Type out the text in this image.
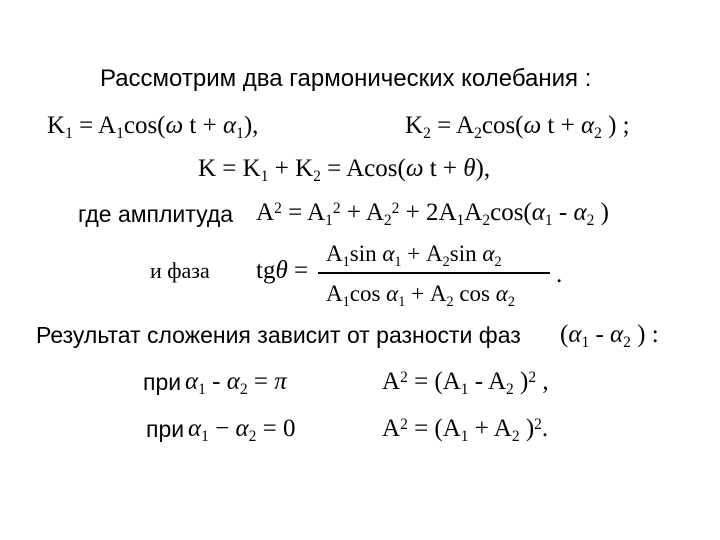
Рассмотрим два гармонических колебания :
$K_1 = A_1\cos(\omega$ $t + \alpha_1$),	$K_2 = A_2\cos(\omega$ $t + \alpha_2$ ) ;
$K = K_1 + K_2 = Acos(\omega$ t + θ),
где амплитуда $A^2 = A_1^2 + A_2^2 + 2A_1A_2\cos(\alpha_1 - \alpha_2$ )
и фаза tgθ =
$A_1\sin$ $\alpha_1 + A_2\sin$ $\alpha_2$
$A_1\cos$ $\alpha_1 + A_2$ $\cos \alpha_2$
.
Результат сложения зависит от разности фаз ($\alpha_1 - \alpha_2$ ) :
при $\alpha_1 - \alpha_2 = \pi$	$A^2 = (A_1 - A_2$ )$^2$ ,
при $\alpha_1 - \alpha_2 = 0$	$A^2 = (A_1 + A_2$ )$^2$.
